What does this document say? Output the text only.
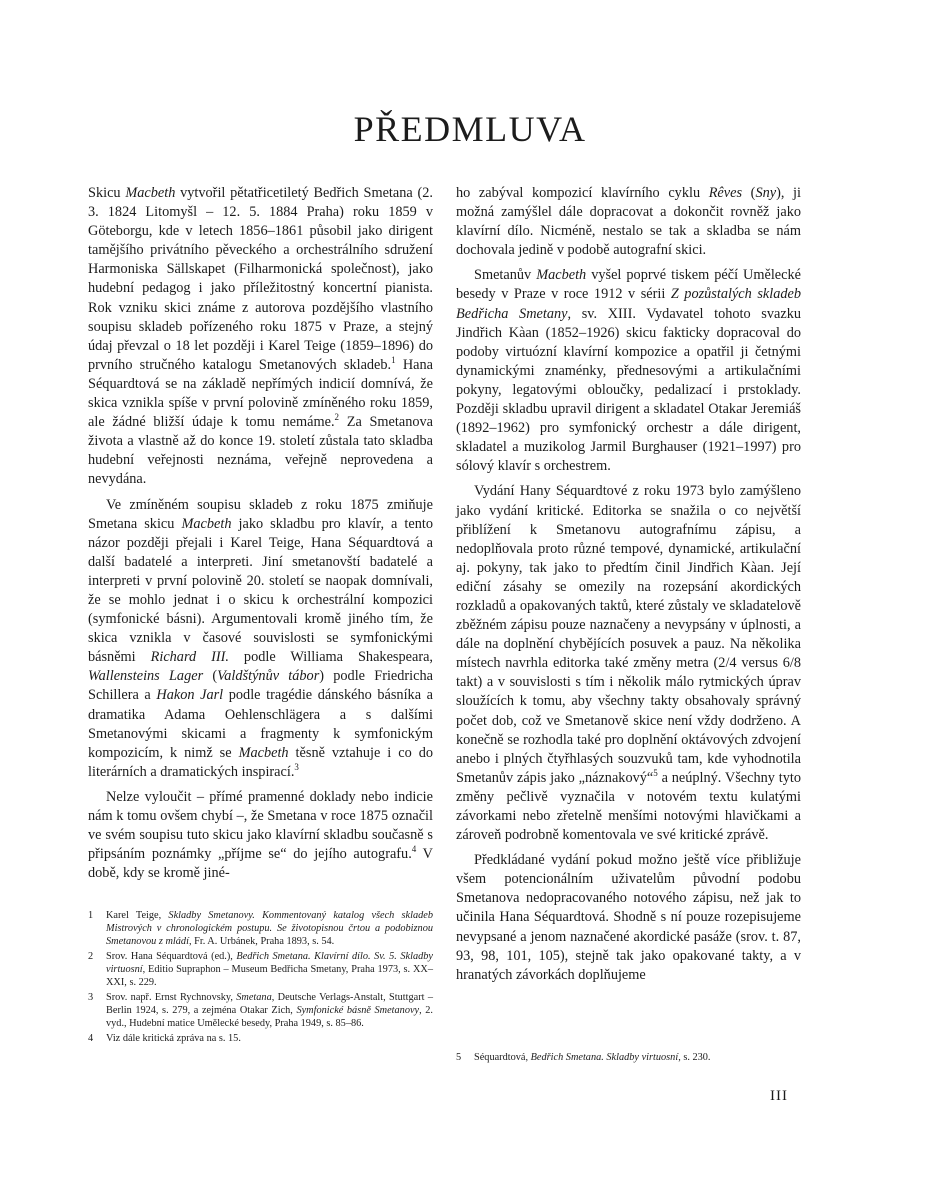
PŘEDMLUVA

Skicu Macbeth vytvořil pětatřicetiletý Bedřich Smetana (2. 3. 1824 Litomyšl – 12. 5. 1884 Praha) roku 1859 v Göteborgu, kde v letech 1856–1861 působil jako dirigent tamějšího privátního pěveckého a orchestrálního sdružení Harmoniska Sällskapet (Filharmonická společnost), jako hudební pedagog i jako příležitostný koncertní pianista. Rok vzniku skici známe z autorova pozdějšího vlastního soupisu skladeb pořízeného roku 1875 v Praze, a stejný údaj převzal o 18 let později i Karel Teige (1859–1896) do prvního stručného katalogu Smetanových skladeb.$^1$ Hana Séquardtová se na základě nepřímých indicií domnívá, že skica vznikla spíše v první polovině zmíněného roku 1859, ale žádné bližší údaje k tomu nemáme.$^2$ Za Smetanova života a vlastně až do konce 19. století zůstala tato skladba hudební veřejnosti neznáma, veřejně neprovedena a nevydána.

Ve zmíněném soupisu skladeb z roku 1875 zmiňuje Smetana skicu Macbeth jako skladbu pro klavír, a tento názor později přejali i Karel Teige, Hana Séquardtová a další badatelé a interpreti. Jiní smetanovští badatelé a interpreti v první polovině 20. století se naopak domnívali, že se mohlo jednat i o skicu k orchestrální kompozici (symfonické básni). Argumentovali kromě jiného tím, že skica vznikla v časové souvislosti se symfonickými básněmi Richard III. podle Williama Shakespeara, Wallensteins Lager (Valdštýnův tábor) podle Friedricha Schillera a Hakon Jarl podle tragédie dánského básníka a dramatika Adama Oehlenschlägera a s dalšími Smetanovými skicami a fragmenty k symfonickým kompozicím, k nimž se Macbeth těsně vztahuje i co do literárních a dramatických inspirací.$^3$

Nelze vyloučit – přímé pramenné doklady nebo indicie nám k tomu ovšem chybí –, že Smetana v roce 1875 označil ve svém soupisu tuto skicu jako klavírní skladbu současně s připsáním poznámky „příjme se“ do jejího autografu.$^4$ V době, kdy se kromě jiné-

ho zabýval kompozicí klavírního cyklu Rêves (Sny), ji možná zamýšlel dále dopracovat a dokončit rovněž jako klavírní dílo. Nicméně, nestalo se tak a skladba se nám dochovala jedině v podobě autografní skici.

Smetanův Macbeth vyšel poprvé tiskem péčí Umělecké besedy v Praze v roce 1912 v sérii Z pozůstalých skladeb Bedřicha Smetany, sv. XIII. Vydavatel tohoto svazku Jindřich Kàan (1852–1926) skicu fakticky dopracoval do podoby virtuózní klavírní kompozice a opatřil ji četnými dynamickými znaménky, přednesovými a artikulačními pokyny, legatovými obloučky, pedalizací i prstoklady. Později skladbu upravil dirigent a skladatel Otakar Jeremiáš (1892–1962) pro symfonický orchestr a dále dirigent, skladatel a muzikolog Jarmil Burghauser (1921–1997) pro sólový klavír s orchestrem.

Vydání Hany Séquardtové z roku 1973 bylo zamýšleno jako vydání kritické. Editorka se snažila o co největší přiblížení k Smetanovu autografnímu zápisu, a nedoplňovala proto různé tempové, dynamické, artikulační aj. pokyny, tak jako to předtím činil Jindřich Kàan. Její ediční zásahy se omezily na rozepsání akordických rozkladů a opakovaných taktů, které zůstaly ve skladatelově zběžném zápisu pouze naznačeny a nevypsány v úplnosti, a dále na doplnění chybějících posuvek a pauz. Na několika místech navrhla editorka také změny metra (2/4 versus 6/8 takt) a v souvislosti s tím i několik málo rytmických úprav sloužících k tomu, aby všechny takty obsahovaly správný počet dob, což ve Smetanově skice není vždy dodrženo. A konečně se rozhodla také pro doplnění oktávových zdvojení anebo i plných čtyřhlasých souzvuků tam, kde vyhodnotila Smetanův zápis jako „náznakový“$^5$ a neúplný. Všechny tyto změny pečlivě vyznačila v notovém textu kulatými závorkami nebo zřetelně menšími notovými hlavičkami a zároveň podrobně komentovala ve své kritické zprávě.

Předkládané vydání pokud možno ještě více přibližuje všem potencionálním uživatelům původní podobu Smetanova nedopracovaného notového zápisu, než jak to učinila Hana Séquardtová. Shodně s ní pouze rozepisujeme nevypsané a jenom naznačené akordické pasáže (srov. t. 87, 93, 98, 101, 105), stejně tak jako opakované takty, a v hranatých závorkách doplňujeme

1	Karel Teige, Skladby Smetanovy. Kommentovaný katalog všech skladeb Mistrových v chronologickém postupu. Se životopisnou črtou a podobiznou Smetanovou z mládí, Fr. A. Urbánek, Praha 1893, s. 54.
2	Srov. Hana Séquardtová (ed.), Bedřich Smetana. Klavírní dílo. Sv. 5. Skladby virtuosní, Editio Supraphon – Museum Bedřicha Smetany, Praha 1973, s. XX–XXI, s. 229.
3	Srov. např. Ernst Rychnovsky, Smetana, Deutsche Verlags-Anstalt, Stuttgart – Berlin 1924, s. 279, a zejména Otakar Zich, Symfonické básně Smetanovy, 2. vyd., Hudební matice Umělecké besedy, Praha 1949, s. 85–86.
4	Viz dále kritická zpráva na s. 15.
5	Séquardtová, Bedřich Smetana. Skladby virtuosní, s. 230.
III
